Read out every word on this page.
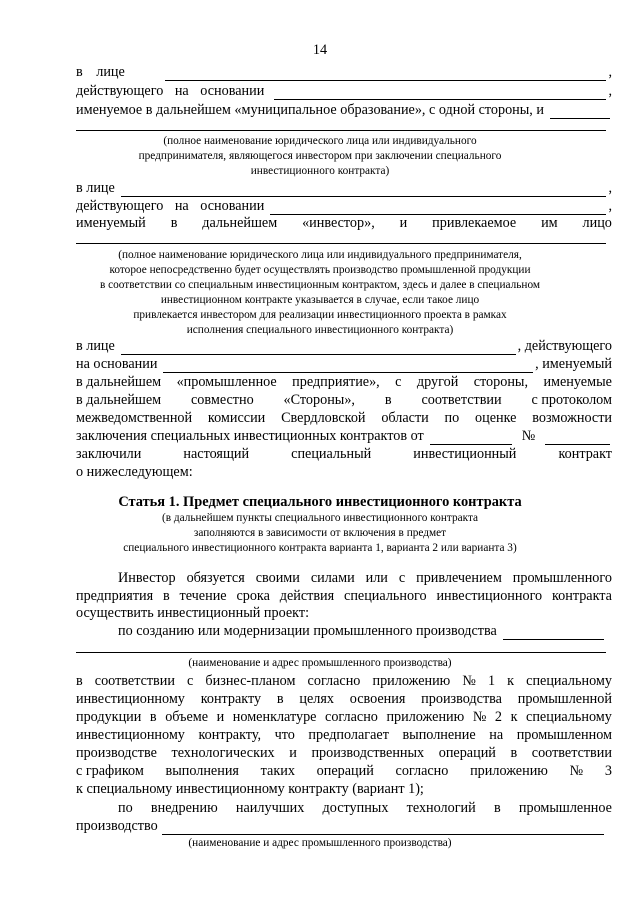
14
в лице	,
действующего на основании	,
именуемое в дальнейшем «муниципальное образование», с одной стороны, и
(полное наименование юридического лица или индивидуального
предпринимателя, являющегося инвестором при заключении специального
инвестиционного контракта)
в лице	,
действующего на основании	,
именуемый в дальнейшем «инвестор», и привлекаемое им лицо
(полное наименование юридического лица или индивидуального предпринимателя,
которое непосредственно будет осуществлять производство промышленной продукции
в соответствии со специальным инвестиционным контрактом, здесь и далее в специальном
инвестиционном контракте указывается в случае, если такое лицо
привлекается инвестором для реализации инвестиционного проекта в рамках
исполнения специального инвестиционного контракта)
в лице	, действующего
на основании	, именуемый
в дальнейшем «промышленное предприятие», с другой стороны, именуемые
в дальнейшем совместно «Стороны», в соответствии с протоколом
межведомственной комиссии Свердловской области по оценке возможности
заключения специальных инвестиционных контрактов от	№
заключили	настоящий	специальный	инвестиционный	контракт
о нижеследующем:
Статья 1. Предмет специального инвестиционного контракта
(в дальнейшем пункты специального инвестиционного контракта
заполняются в зависимости от включения в предмет
специального инвестиционного контракта варианта 1, варианта 2 или варианта 3)
Инвестор обязуется своими силами или с привлечением промышленного
предприятия в течение срока действия специального инвестиционного контракта
осуществить инвестиционный проект:
по созданию или модернизации промышленного производства
(наименование и адрес промышленного производства)
в соответствии с бизнес-планом согласно приложению № 1 к специальному
инвестиционному контракту в целях освоения производства промышленной
продукции в объеме и номенклатуре согласно приложению № 2 к специальному
инвестиционному контракту, что предполагает выполнение на промышленном
производстве технологических и производственных операций в соответствии
с графиком выполнения таких операций согласно приложению № 3
к специальному инвестиционному контракту (вариант 1);
по внедрению наилучших доступных технологий в промышленное
производство
(наименование и адрес промышленного производства)
